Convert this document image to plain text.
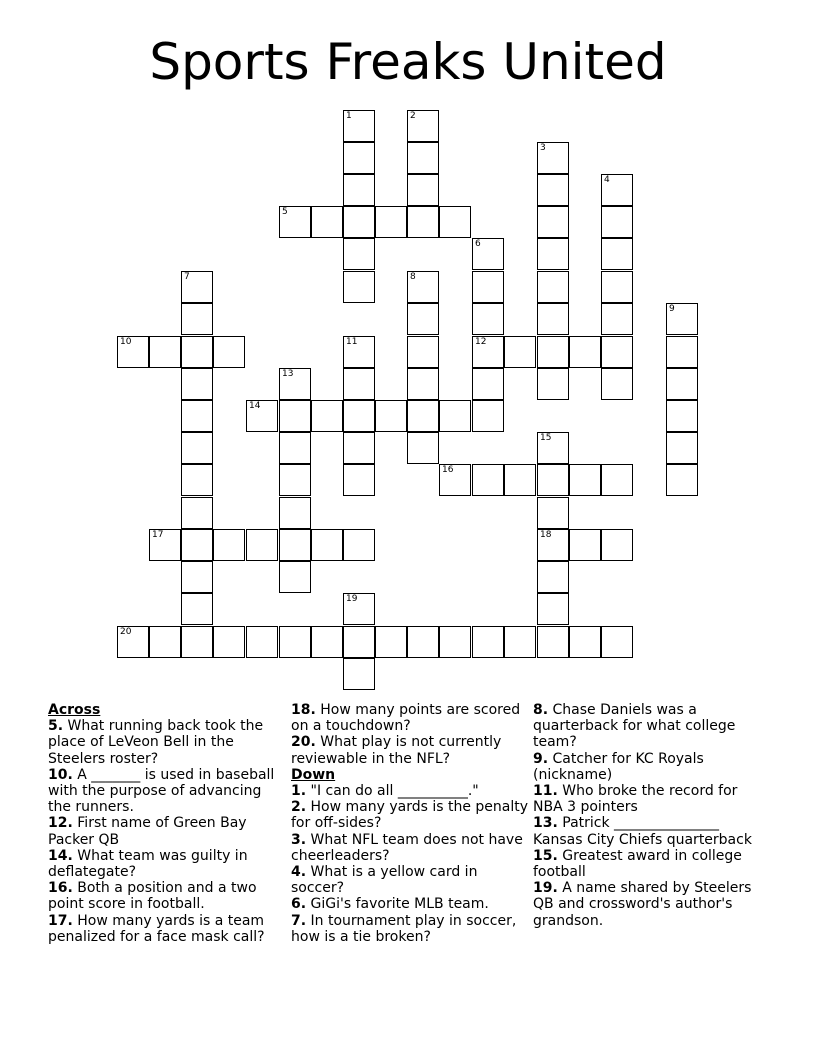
Sports Freaks United
1	2
3
4
5
6
7	8
9
10	11	12
13
14
15
16
17	18
19
20

Across

5. What running back took the place of LeVeon Bell in the Steelers roster?
10. A _______ is used in baseball with the purpose of advancing the runners.
12. First name of Green Bay Packer QB
14. What team was guilty in deflategate?
16. Both a position and a two point score in football.
17. How many yards is a team penalized for a face mask call?
18. How many points are scored on a touchdown?
20. What play is not currently reviewable in the NFL?

Down

1. "I can do all __________."
2. How many yards is the penalty for off-sides?
3. What NFL team does not have cheerleaders?
4. What is a yellow card in soccer?
6. GiGi's favorite MLB team.
7. In tournament play in soccer, how is a tie broken?
8. Chase Daniels was a quarterback for what college team?
9. Catcher for KC Royals (nickname)
11. Who broke the record for NBA 3 pointers
13. Patrick _______________ Kansas City Chiefs quarterback
15. Greatest award in college football
19. A name shared by Steelers QB and crossword's author's grandson.
